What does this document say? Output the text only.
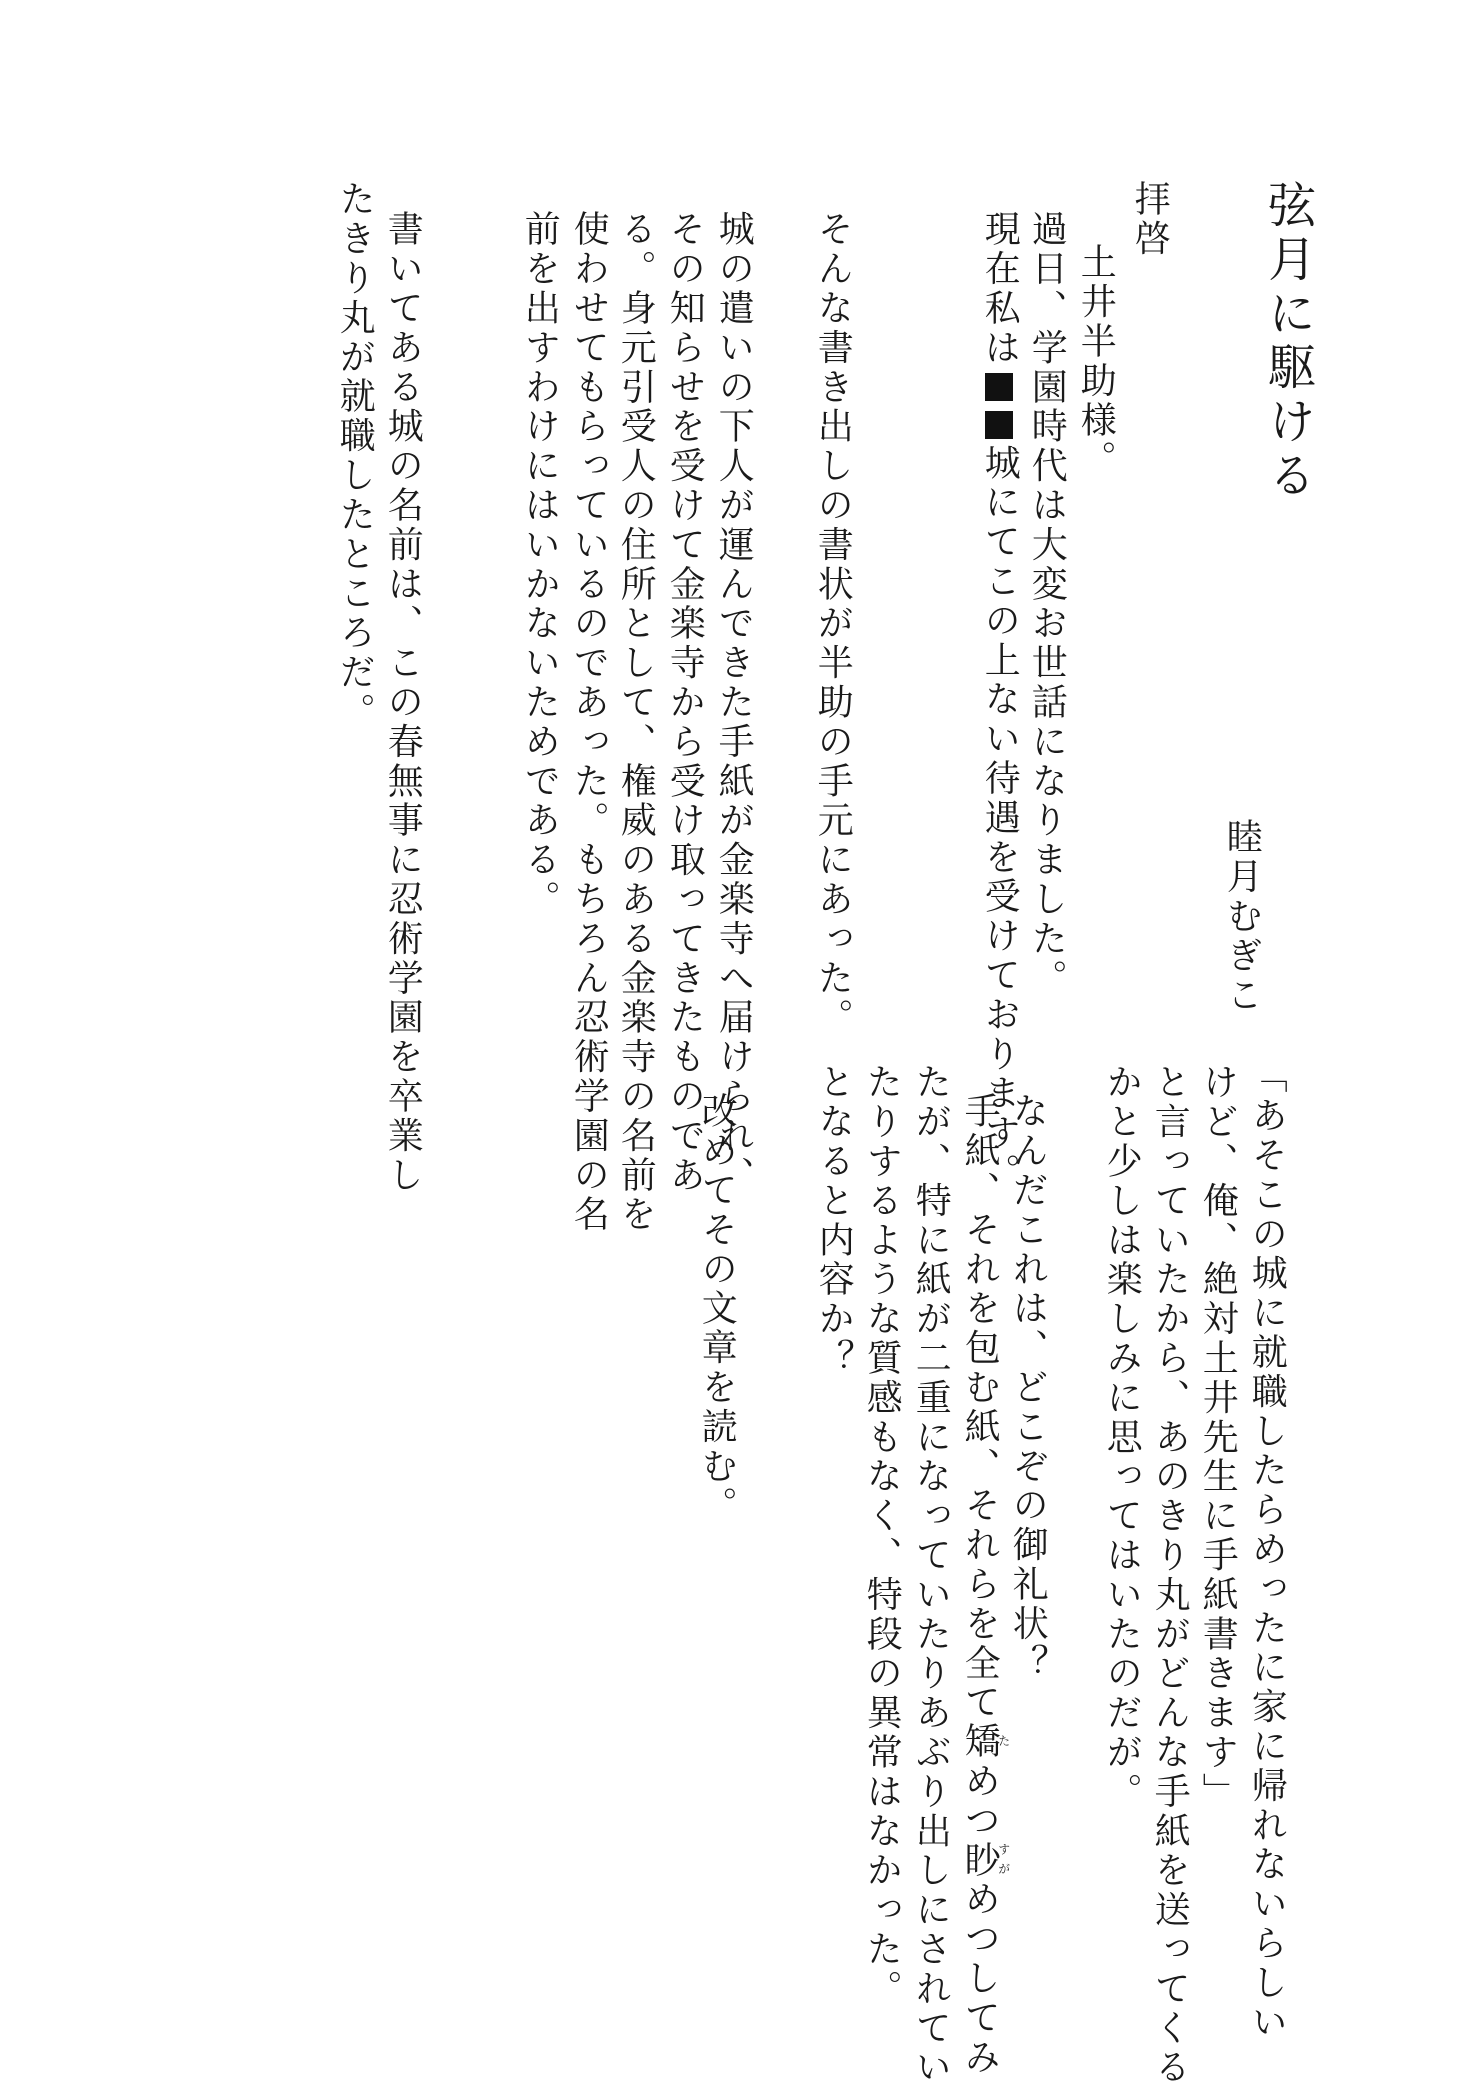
弦月に駆ける

睦月むぎこ

拝啓

土井半助様。

過日、学園時代は大変お世話になりました。

現在私は城にてこの上ない待遇を受けております。

そんな書き出しの書状が半助の手元にあった。

城の遣いの下人が運んできた手紙が金楽寺へ届けられ、

その知らせを受けて金楽寺から受け取ってきたものであ

る。身元引受人の住所として、権威のある金楽寺の名前を

使わせてもらっているのであった。もちろん忍術学園の名

前を出すわけにはいかないためである。

書いてある城の名前は、この春無事に忍術学園を卒業し

たきり丸が就職したところだ。

「あそこの城に就職したらめったに家に帰れないらしい

けど、俺、絶対土井先生に手紙書きます」

と言っていたから、あのきり丸がどんな手紙を送ってくる

かと少しは楽しみに思ってはいたのだが。

なんだこれは、どこぞの御礼状？

手紙、それを包む紙、それらを全て矯ためつ眇すがめつしてみ

たが、特に紙が二重になっていたりあぶり出しにされてい

たりするような質感もなく、特段の異常はなかった。

となると内容か？

改めてその文章を読む。
